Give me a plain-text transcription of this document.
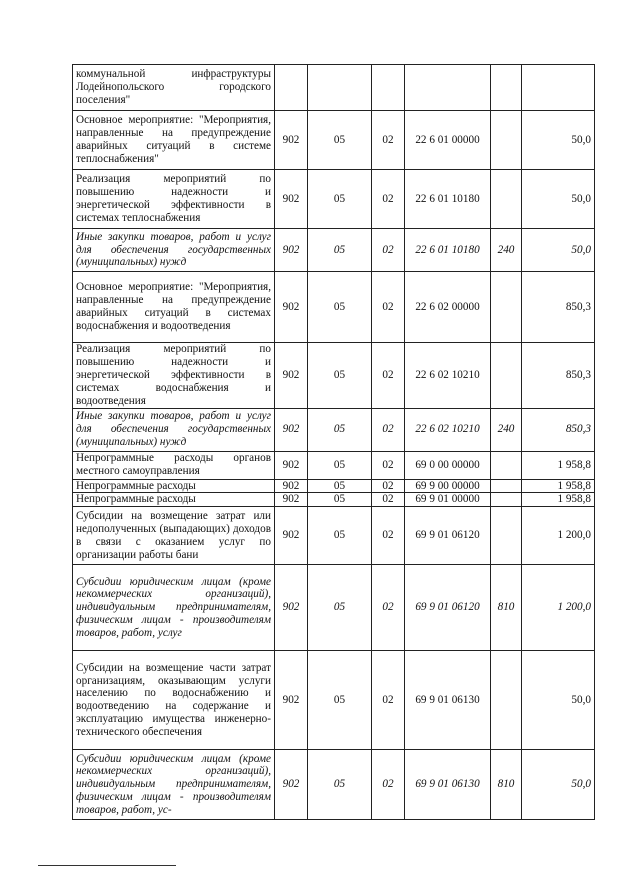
коммунальной инфраструктуры Лодейнопольского городского поселения"						
Основное мероприятие: "Мероприятия, направленные на предупреждение аварийных ситуаций в системе теплоснабжения"	902	05	02	22 6 01 00000		50,0
Реализация мероприятий по повышению надежности и энергетической эффективности в системах теплоснабжения	902	05	02	22 6 01 10180		50,0
Иные закупки товаров, работ и услуг для обеспечения государственных (муниципальных) нужд	902	05	02	22 6 01 10180	240	50,0
Основное мероприятие: "Мероприятия, направленные на предупреждение аварийных ситуаций в системах водоснабжения и водоотведения	902	05	02	22 6 02 00000		850,3
Реализация мероприятий по повышению надежности и энергетической эффективности в системах водоснабжения и водоотведения	902	05	02	22 6 02 10210		850,3
Иные закупки товаров, работ и услуг для обеспечения государственных (муниципальных) нужд	902	05	02	22 6 02 10210	240	850,3
Непрограммные расходы органов местного самоуправления	902	05	02	69 0 00 00000		1 958,8
Непрограммные расходы	902	05	02	69 9 00 00000		1 958,8
Непрограммные расходы	902	05	02	69 9 01 00000		1 958,8
Субсидии на возмещение затрат или недополученных (выпадающих) доходов в связи с оказанием услуг по организации работы бани	902	05	02	69 9 01 06120		1 200,0
Субсидии юридическим лицам (кроме некоммерческих организаций), индивидуальным предпринимателям, физическим лицам - производителям товаров, работ, услуг	902	05	02	69 9 01 06120	810	1 200,0
Субсидии на возмещение части затрат организациям, оказывающим услуги населению по водоснабжению и водоотведению на содержание и эксплуатацию имущества инженерно-технического обеспечения	902	05	02	69 9 01 06130		50,0
Субсидии юридическим лицам (кроме некоммерческих организаций), индивидуальным предпринимателям, физическим лицам - производителям товаров, работ, ус-	902	05	02	69 9 01 06130	810	50,0
